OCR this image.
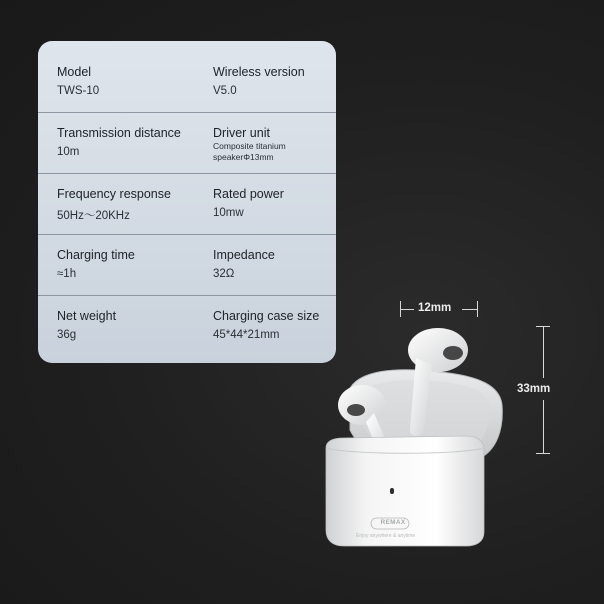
Model
TWS-10
Wireless version
V5.0
Transmission distance
10m
Driver unit
Composite titanium
speakerΦ13mm
Frequency response
50Hz〜20KHz
Rated power
10mw
Charging time
≈1h
Impedance
32Ω
Net weight
36g
Charging case size
45*44*21mm
12mm
33mm
REMAX
Enjoy anywhere & anytime
